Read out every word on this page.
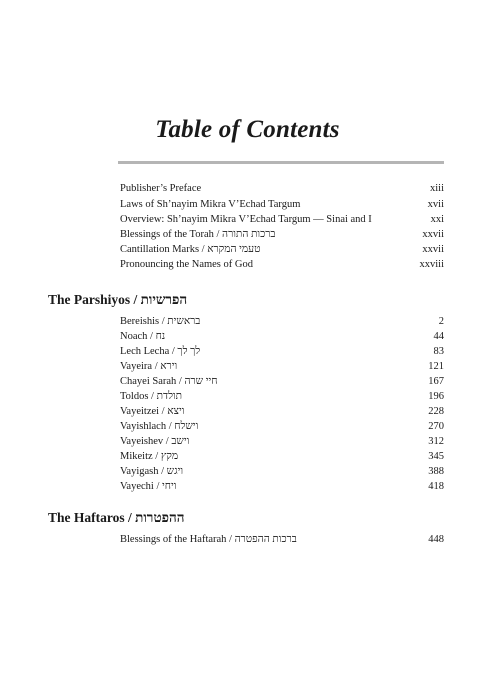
Table of Contents
Publisher’s Preface	xiii
Laws of Sh’nayim Mikra V’Echad Targum	xvii
Overview: Sh’nayim Mikra V’Echad Targum — Sinai and I	xxi
Blessings of the Torah / ברכות התורה	xxvii
Cantillation Marks / טעמי המקרא	xxvii
Pronouncing the Names of God	xxviii
The Parshiyos / הפרשיות
Bereishis / בראשית	2
Noach / נח	44
Lech Lecha / לך לך	83
Vayeira / וירא	121
Chayei Sarah / חיי שרה	167
Toldos / תולדת	196
Vayeitzei / ויצא	228
Vayishlach / וישלח	270
Vayeishev / וישב	312
Mikeitz / מקץ	345
Vayigash / ויגש	388
Vayechi / ויחי	418
The Haftaros / ההפטרות
Blessings of the Haftarah / ברכות ההפטרה	448
